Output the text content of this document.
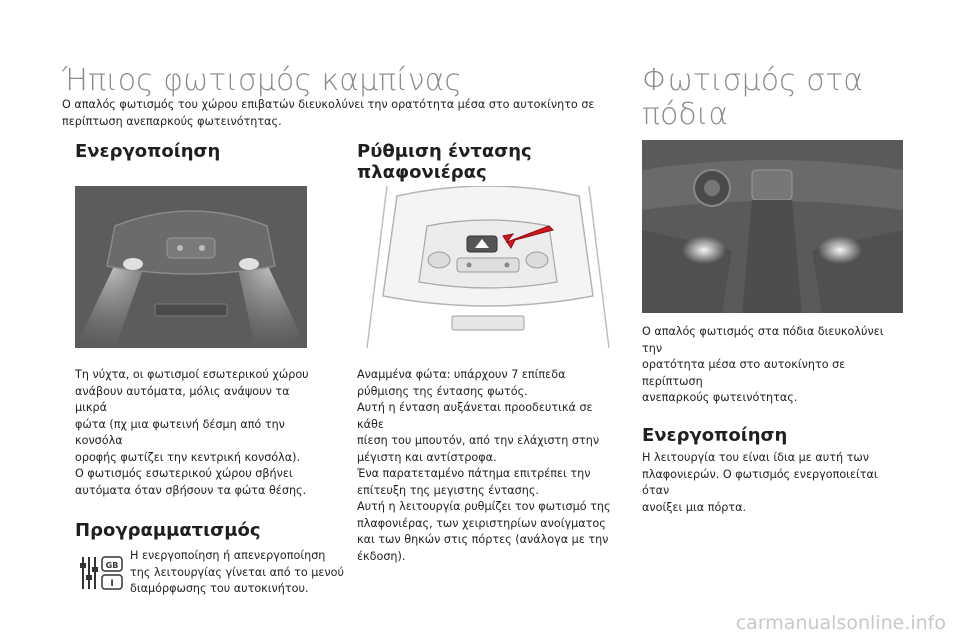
Ήπιος φωτισμός καμπίνας

Ο απαλός φωτισμός του χώρου επιβατών διευκολύνει την ορατότητα μέσα στο αυτοκίνητο σε
περίπτωση ανεπαρκούς φωτεινότητας.

Ενεργοποίηση

Τη νύχτα, οι φωτισμοί εσωτερικού χώρου
ανάβουν αυτόματα, μόλις ανάψουν τα μικρά
φώτα (πχ μια φωτεινή δέσμη από την κονσόλα
οροφής φωτίζει την κεντρική κονσόλα).
Ο φωτισμός εσωτερικού χώρου σβήνει
αυτόματα όταν σβήσουν τα φώτα θέσης.

Προγραμματισμός
GB
I

Η ενεργοποίηση ή απενεργοποίηση
της λειτουργίας γίνεται από το μενού
διαμόρφωσης του αυτοκινήτου.

Ρύθμιση έντασης
πλαφονιέρας

Αναμμένα φώτα: υπάρχουν 7 επίπεδα
ρύθμισης της έντασης φωτός.
Αυτή η ένταση αυξάνεται προοδευτικά σε κάθε
πίεση του μπουτόν, από την ελάχιστη στην
μέγιστη και αντίστροφα.
Ένα παρατεταμένο πάτημα επιτρέπει την
επίτευξη της μεγιστης έντασης.
Αυτή η λειτουργία ρυθμίζει τον φωτισμό της
πλαφονιέρας, των χειριστηρίων ανοίγματος
και των θηκών στις πόρτες (ανάλογα με την
έκδοση).

Φωτισμός στα
πόδια

Ο απαλός φωτισμός στα πόδια διευκολύνει την
ορατότητα μέσα στο αυτοκίνητο σε περίπτωση
ανεπαρκούς φωτεινότητας.

Ενεργοποίηση

Η λειτουργία του είναι ίδια με αυτή των
πλαφονιερών. Ο φωτισμός ενεργοποιείται όταν
ανοίξει μια πόρτα.

carmanualsonline.info
